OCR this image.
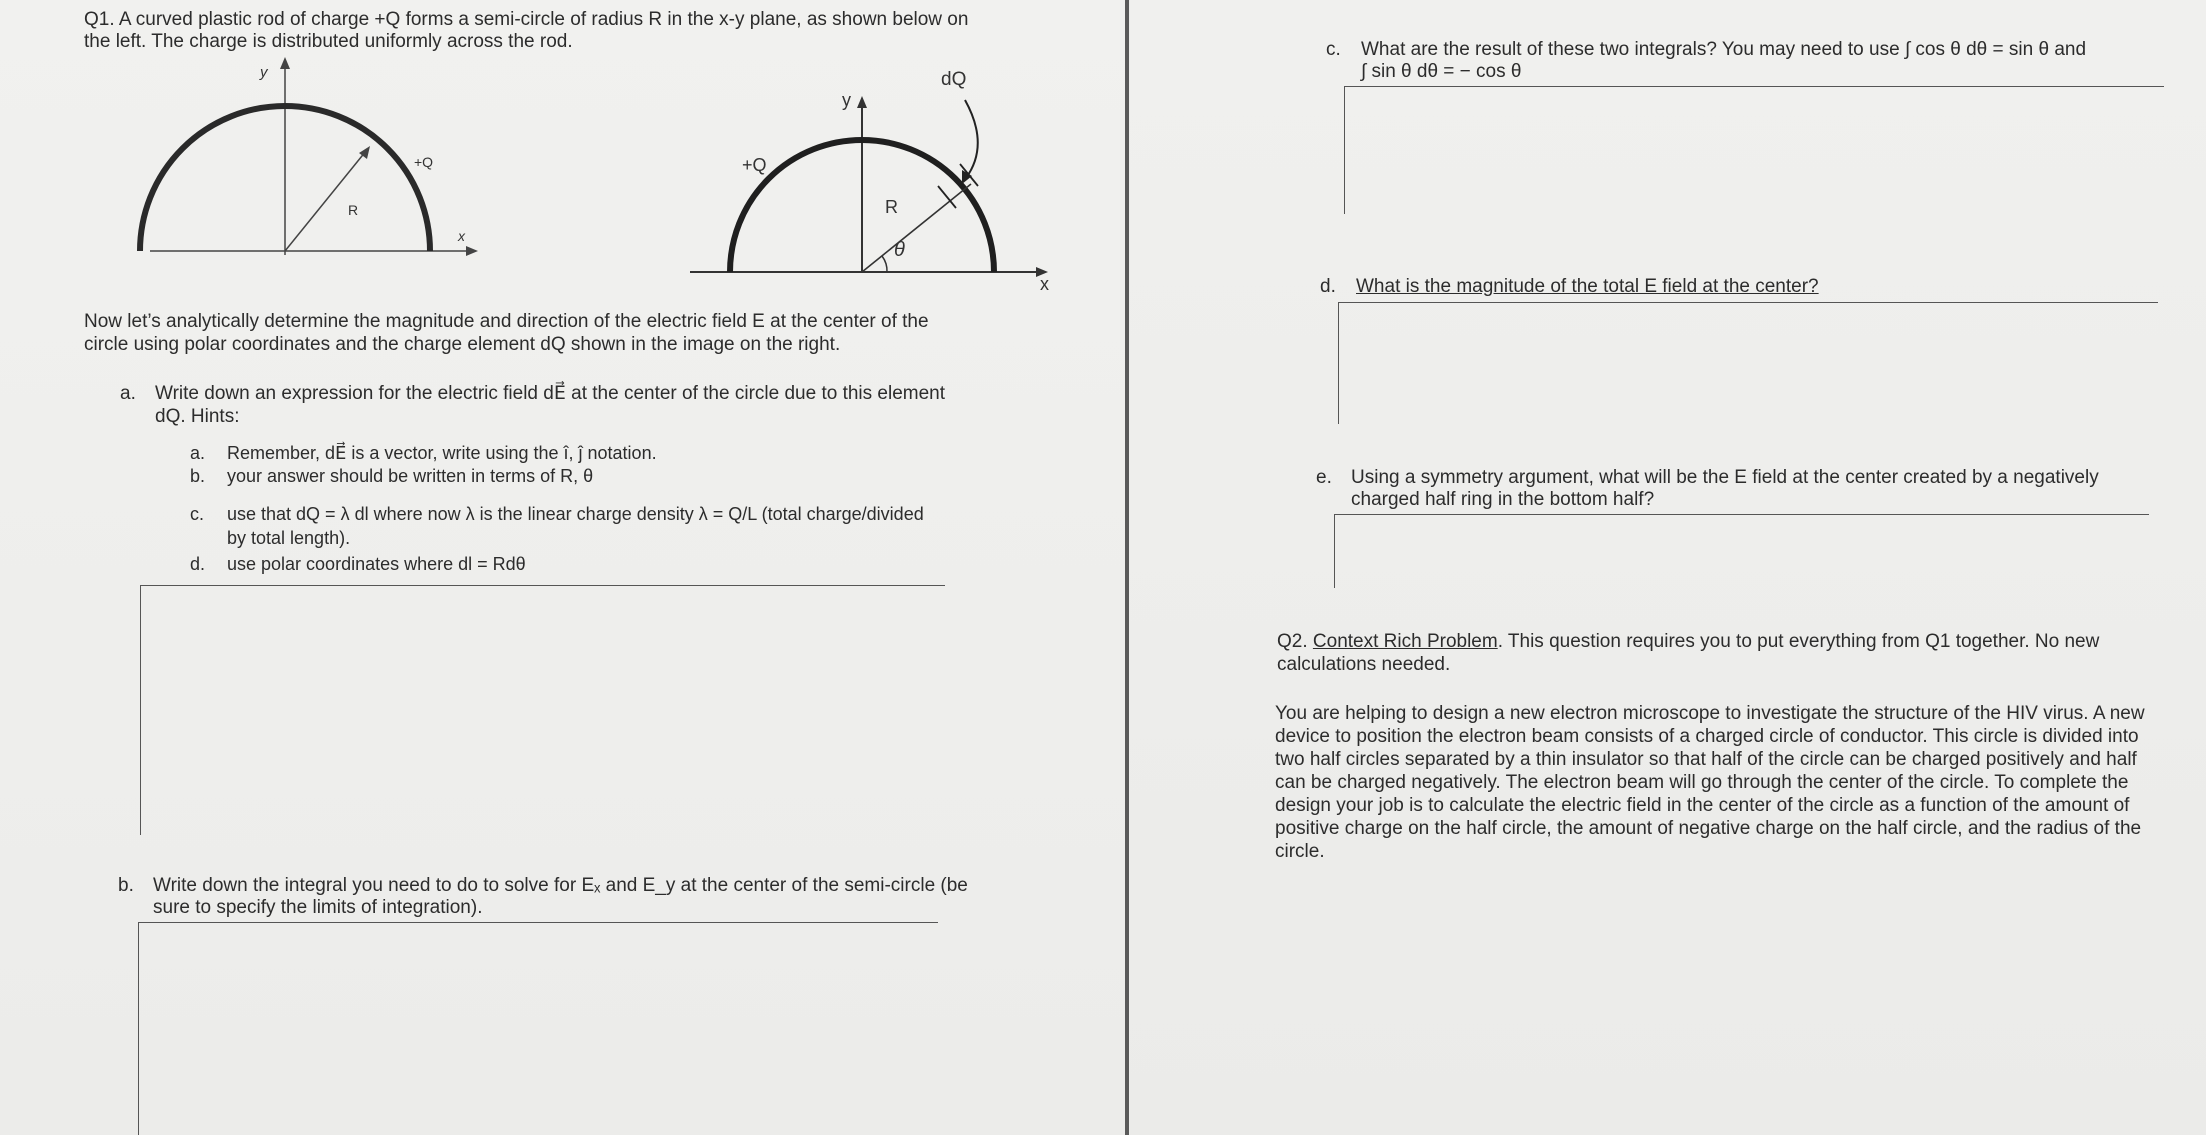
Q1. A curved plastic rod of charge +Q forms a semi-circle of radius R in the x-y plane, as shown below on
the left. The charge is distributed uniformly across the rod.
y
x
+Q
R
y
x
+Q
dQ
R
θ
Now let’s analytically determine the magnitude and direction of the electric field E at the center of the
circle using polar coordinates and the charge element dQ shown in the image on the right.
a. Write down an expression for the electric field dE⃗ at the center of the circle due to this element
dQ. Hints:
a. Remember, dE⃗ is a vector, write using the î, ĵ notation.
b. your answer should be written in terms of R, θ
c. use that dQ = λ dl where now λ is the linear charge density λ = Q/L (total charge/divided
by total length).
d. use polar coordinates where dl = Rdθ
b. Write down the integral you need to do to solve for Eₓ and E_y at the center of the semi-circle (be
sure to specify the limits of integration).
c. What are the result of these two integrals? You may need to use ∫ cos θ dθ = sin θ and
∫ sin θ dθ = − cos θ
d. What is the magnitude of the total E field at the center?
e. Using a symmetry argument, what will be the E field at the center created by a negatively
charged half ring in the bottom half?
Q2. Context Rich Problem. This question requires you to put everything from Q1 together. No new
calculations needed.
You are helping to design a new electron microscope to investigate the structure of the HIV virus. A new
device to position the electron beam consists of a charged circle of conductor. This circle is divided into
two half circles separated by a thin insulator so that half of the circle can be charged positively and half
can be charged negatively. The electron beam will go through the center of the circle. To complete the
design your job is to calculate the electric field in the center of the circle as a function of the amount of
positive charge on the half circle, the amount of negative charge on the half circle, and the radius of the
circle.
